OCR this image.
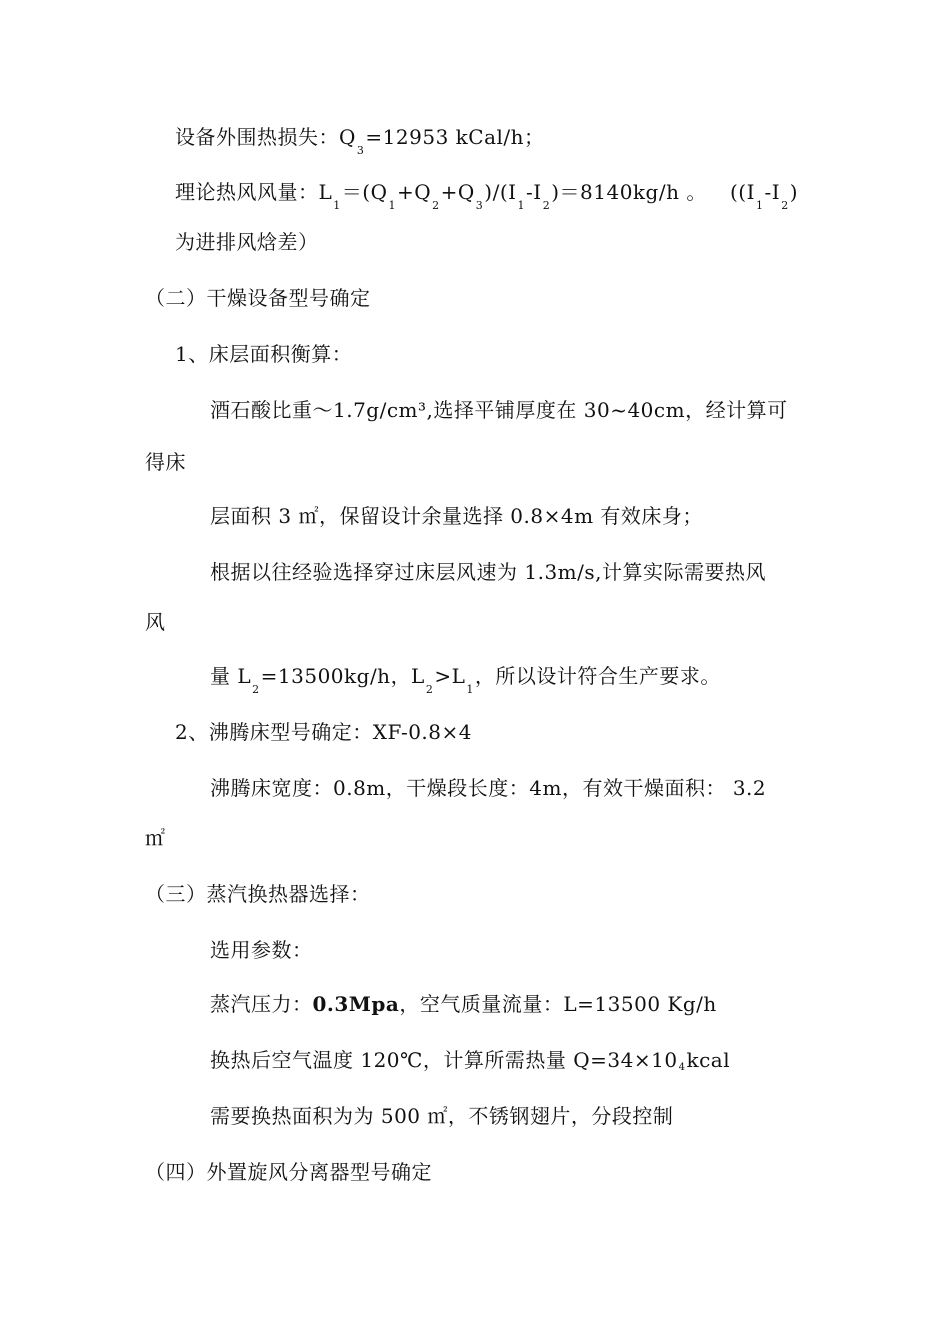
设备外围热损失：$Q_3=12953$ kCal/h；
理论热风风量：$L_1=(Q_1+Q_2+Q_3)/(I_1-I_2)=8140kg/h$ 。 ($(I_1-I_2)$
为进排风焓差）
（二）干燥设备型号确定
1、床层面积衡算：
酒石酸比重～1.7g/cm³,选择平铺厚度在 30~40cm，经计算可
得床
层面积 3 ㎡，保留设计余量选择 0.8×4m 有效床身；
根据以往经验选择穿过床层风速为 1.3m/s,计算实际需要热风
风
量 $L_2=13500kg/h$，$L_2>L_1$，所以设计符合生产要求。
2、沸腾床型号确定：XF-0.8×4
沸腾床宽度：0.8m，干燥段长度：4m，有效干燥面积： 3.2
㎡
（三）蒸汽换热器选择：
选用参数：
蒸汽压力：0.3Mpa，空气质量流量：L=13500 Kg/h
换热后空气温度 120℃，计算所需热量 Q=34×104kcal
需要换热面积为为 500 ㎡，不锈钢翅片，分段控制
（四）外置旋风分离器型号确定
